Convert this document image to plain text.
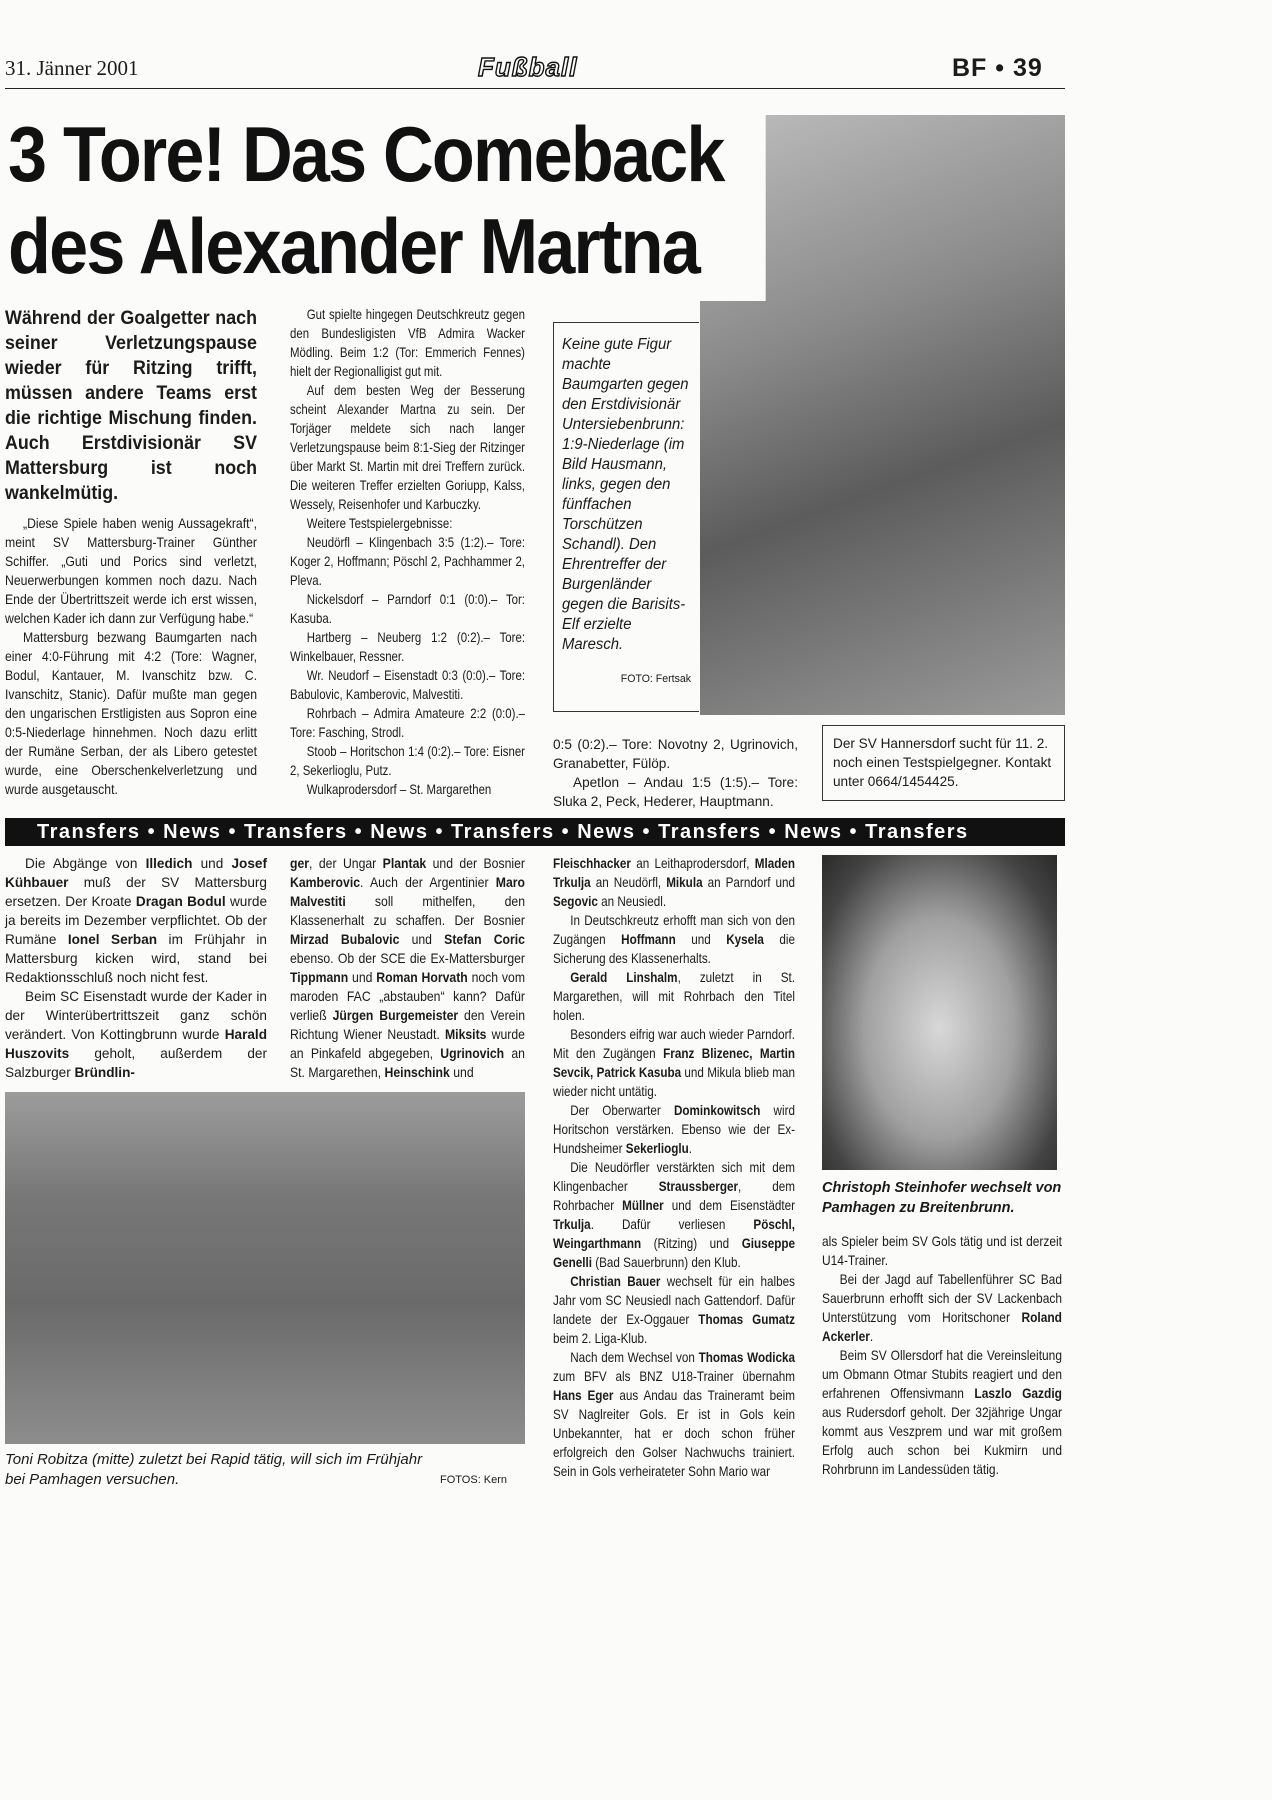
31. Jänner 2001	Fußball	BF • 39
3 Tore! Das Comeback
des Alexander Martna
Keine gute Figur machte Baumgarten gegen den Erstdivisionär Untersiebenbrunn: 1:9-Niederlage (im Bild Hausmann, links, gegen den fünffachen Torschützen Schandl). Den Ehrentreffer der Burgenländer gegen die Barisits-Elf erzielte Maresch.
FOTO: Fertsak
Während der Goalgetter nach seiner Verletzungspause wieder für Ritzing trifft, müssen andere Teams erst die richtige Mischung finden. Auch Erstdivisionär SV Mattersburg ist noch wankelmütig.

„Diese Spiele haben wenig Aussagekraft“, meint SV Mattersburg-Trainer Günther Schiffer. „Guti und Porics sind verletzt, Neuerwerbungen kommen noch dazu. Nach Ende der Übertrittszeit werde ich erst wissen, welchen Kader ich dann zur Verfügung habe.“

Mattersburg bezwang Baumgarten nach einer 4:0-Führung mit 4:2 (Tore: Wagner, Bodul, Kantauer, M. Ivanschitz bzw. C. Ivanschitz, Stanic). Dafür mußte man gegen den ungarischen Erstligisten aus Sopron eine 0:5-Niederlage hinnehmen. Noch dazu erlitt der Rumäne Serban, der als Libero getestet wurde, eine Oberschenkelverletzung und wurde ausgetauscht.

Gut spielte hingegen Deutschkreutz gegen den Bundesligisten VfB Admira Wacker Mödling. Beim 1:2 (Tor: Emmerich Fennes) hielt der Regionalligist gut mit.

Auf dem besten Weg der Besserung scheint Alexander Martna zu sein. Der Torjäger meldete sich nach langer Verletzungspause beim 8:1-Sieg der Ritzinger über Markt St. Martin mit drei Treffern zurück. Die weiteren Treffer erzielten Goriupp, Kalss, Wessely, Reisenhofer und Karbuczky.

Weitere Testspielergebnisse:

Neudörfl – Klingenbach 3:5 (1:2).– Tore: Koger 2, Hoffmann; Pöschl 2, Pachhammer 2, Pleva.

Nickelsdorf – Parndorf 0:1 (0:0).– Tor: Kasuba.

Hartberg – Neuberg 1:2 (0:2).– Tore: Winkelbauer, Ressner.

Wr. Neudorf – Eisenstadt 0:3 (0:0).– Tore: Babulovic, Kamberovic, Malvestiti.

Rohrbach – Admira Amateure 2:2 (0:0).– Tore: Fasching, Strodl.

Stoob – Horitschon 1:4 (0:2).– Tore: Eisner 2, Sekerlioglu, Putz.

Wulkaprodersdorf – St. Margarethen

0:5 (0:2).– Tore: Novotny 2, Ugrinovich, Granabetter, Fülöp.

Apetlon – Andau 1:5 (1:5).– Tore: Sluka 2, Peck, Hederer, Hauptmann.

Der SV Hannersdorf sucht für 11. 2. noch einen Testspielgegner. Kontakt unter 0664/1454425.
Transfers • News • Transfers • News • Transfers • News • Transfers • News • Transfers

Die Abgänge von Illedich und Josef Kühbauer muß der SV Mattersburg ersetzen. Der Kroate Dragan Bodul wurde ja bereits im Dezember verpflichtet. Ob der Rumäne Ionel Serban im Frühjahr in Mattersburg kicken wird, stand bei Redaktionsschluß noch nicht fest.

Beim SC Eisenstadt wurde der Kader in der Winterübertrittszeit ganz schön verändert. Von Kottingbrunn wurde Harald Huszovits geholt, außerdem der Salzburger Bründlin-

ger, der Ungar Plantak und der Bosnier Kamberovic. Auch der Argentinier Maro Malvestiti soll mithelfen, den Klassenerhalt zu schaffen. Der Bosnier Mirzad Bubalovic und Stefan Coric ebenso. Ob der SCE die Ex-Mattersburger Tippmann und Roman Horvath noch vom maroden FAC „abstauben“ kann? Dafür verließ Jürgen Burgemeister den Verein Richtung Wiener Neustadt. Miksits wurde an Pinkafeld abgegeben, Ugrinovich an St. Margarethen, Heinschink und

Fleischhacker an Leithaprodersdorf, Mladen Trkulja an Neudörfl, Mikula an Parndorf und Segovic an Neusiedl.

In Deutschkreutz erhofft man sich von den Zugängen Hoffmann und Kysela die Sicherung des Klassenerhalts.

Gerald Linshalm, zuletzt in St. Margarethen, will mit Rohrbach den Titel holen.

Besonders eifrig war auch wieder Parndorf. Mit den Zugängen Franz Blizenec, Martin Sevcik, Patrick Kasuba und Mikula blieb man wieder nicht untätig.

Der Oberwarter Dominkowitsch wird Horitschon verstärken. Ebenso wie der Ex-Hundsheimer Sekerlioglu.

Die Neudörfler verstärkten sich mit dem Klingenbacher Straussberger, dem Rohrbacher Müllner und dem Eisenstädter Trkulja. Dafür verliesen Pöschl, Weingarthmann (Ritzing) und Giuseppe Genelli (Bad Sauerbrunn) den Klub.

Christian Bauer wechselt für ein halbes Jahr vom SC Neusiedl nach Gattendorf. Dafür landete der Ex-Oggauer Thomas Gumatz beim 2. Liga-Klub.

Nach dem Wechsel von Thomas Wodicka zum BFV als BNZ U18-Trainer übernahm Hans Eger aus Andau das Traineramt beim SV Naglreiter Gols. Er ist in Gols kein Unbekannter, hat er doch schon früher erfolgreich den Golser Nachwuchs trainiert. Sein in Gols verheirateter Sohn Mario war

als Spieler beim SV Gols tätig und ist derzeit U14-Trainer.

Bei der Jagd auf Tabellenführer SC Bad Sauerbrunn erhofft sich der SV Lackenbach Unterstützung vom Horitschoner Roland Ackerler.

Beim SV Ollersdorf hat die Vereinsleitung um Obmann Otmar Stubits reagiert und den erfahrenen Offensivmann Laszlo Gazdig aus Rudersdorf geholt. Der 32jährige Ungar kommt aus Veszprem und war mit großem Erfolg auch schon bei Kukmirn und Rohrbrunn im Landessüden tätig.

Toni Robitza (mitte) zuletzt bei Rapid tätig, will sich im Frühjahr bei Pamhagen versuchen.	FOTOS: Kern
Christoph Steinhofer wechselt von Pamhagen zu Breitenbrunn.
